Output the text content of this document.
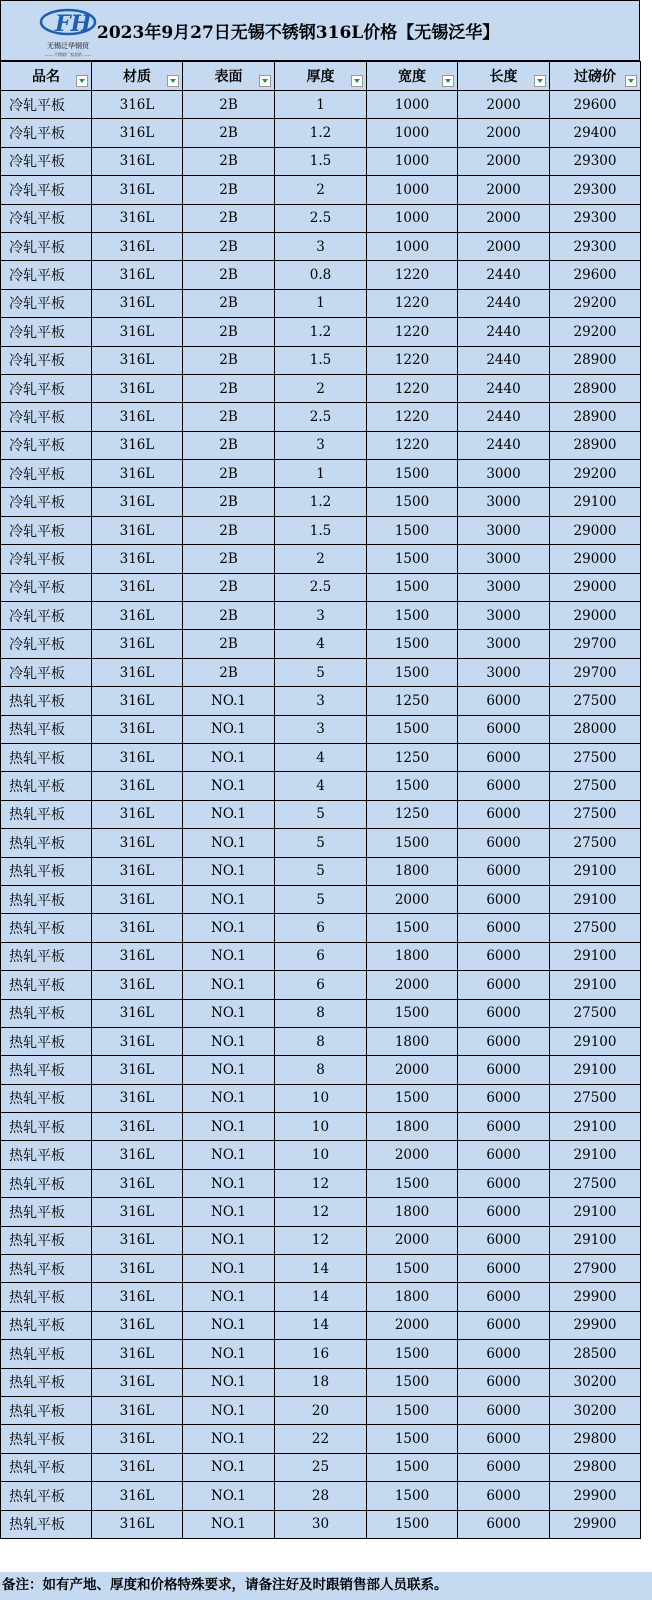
FH
无锡泛华钢贸
—— 不锈钢厂家直销 ——
2023年9月27日无锡不锈钢316L价格【无锡泛华】
品名	材质	表面	厚度	宽度	长度	过磅价

冷轧平板	316L	2B	1	1000	2000	29600
冷轧平板	316L	2B	1.2	1000	2000	29400
冷轧平板	316L	2B	1.5	1000	2000	29300
冷轧平板	316L	2B	2	1000	2000	29300
冷轧平板	316L	2B	2.5	1000	2000	29300
冷轧平板	316L	2B	3	1000	2000	29300
冷轧平板	316L	2B	0.8	1220	2440	29600
冷轧平板	316L	2B	1	1220	2440	29200
冷轧平板	316L	2B	1.2	1220	2440	29200
冷轧平板	316L	2B	1.5	1220	2440	28900
冷轧平板	316L	2B	2	1220	2440	28900
冷轧平板	316L	2B	2.5	1220	2440	28900
冷轧平板	316L	2B	3	1220	2440	28900
冷轧平板	316L	2B	1	1500	3000	29200
冷轧平板	316L	2B	1.2	1500	3000	29100
冷轧平板	316L	2B	1.5	1500	3000	29000
冷轧平板	316L	2B	2	1500	3000	29000
冷轧平板	316L	2B	2.5	1500	3000	29000
冷轧平板	316L	2B	3	1500	3000	29000
冷轧平板	316L	2B	4	1500	3000	29700
冷轧平板	316L	2B	5	1500	3000	29700
热轧平板	316L	NO.1	3	1250	6000	27500
热轧平板	316L	NO.1	3	1500	6000	28000
热轧平板	316L	NO.1	4	1250	6000	27500
热轧平板	316L	NO.1	4	1500	6000	27500
热轧平板	316L	NO.1	5	1250	6000	27500
热轧平板	316L	NO.1	5	1500	6000	27500
热轧平板	316L	NO.1	5	1800	6000	29100
热轧平板	316L	NO.1	5	2000	6000	29100
热轧平板	316L	NO.1	6	1500	6000	27500
热轧平板	316L	NO.1	6	1800	6000	29100
热轧平板	316L	NO.1	6	2000	6000	29100
热轧平板	316L	NO.1	8	1500	6000	27500
热轧平板	316L	NO.1	8	1800	6000	29100
热轧平板	316L	NO.1	8	2000	6000	29100
热轧平板	316L	NO.1	10	1500	6000	27500
热轧平板	316L	NO.1	10	1800	6000	29100
热轧平板	316L	NO.1	10	2000	6000	29100
热轧平板	316L	NO.1	12	1500	6000	27500
热轧平板	316L	NO.1	12	1800	6000	29100
热轧平板	316L	NO.1	12	2000	6000	29100
热轧平板	316L	NO.1	14	1500	6000	27900
热轧平板	316L	NO.1	14	1800	6000	29900
热轧平板	316L	NO.1	14	2000	6000	29900
热轧平板	316L	NO.1	16	1500	6000	28500
热轧平板	316L	NO.1	18	1500	6000	30200
热轧平板	316L	NO.1	20	1500	6000	30200
热轧平板	316L	NO.1	22	1500	6000	29800
热轧平板	316L	NO.1	25	1500	6000	29800
热轧平板	316L	NO.1	28	1500	6000	29900
热轧平板	316L	NO.1	30	1500	6000	29900
备注：如有产地、厚度和价格特殊要求，请备注好及时跟销售部人员联系。
